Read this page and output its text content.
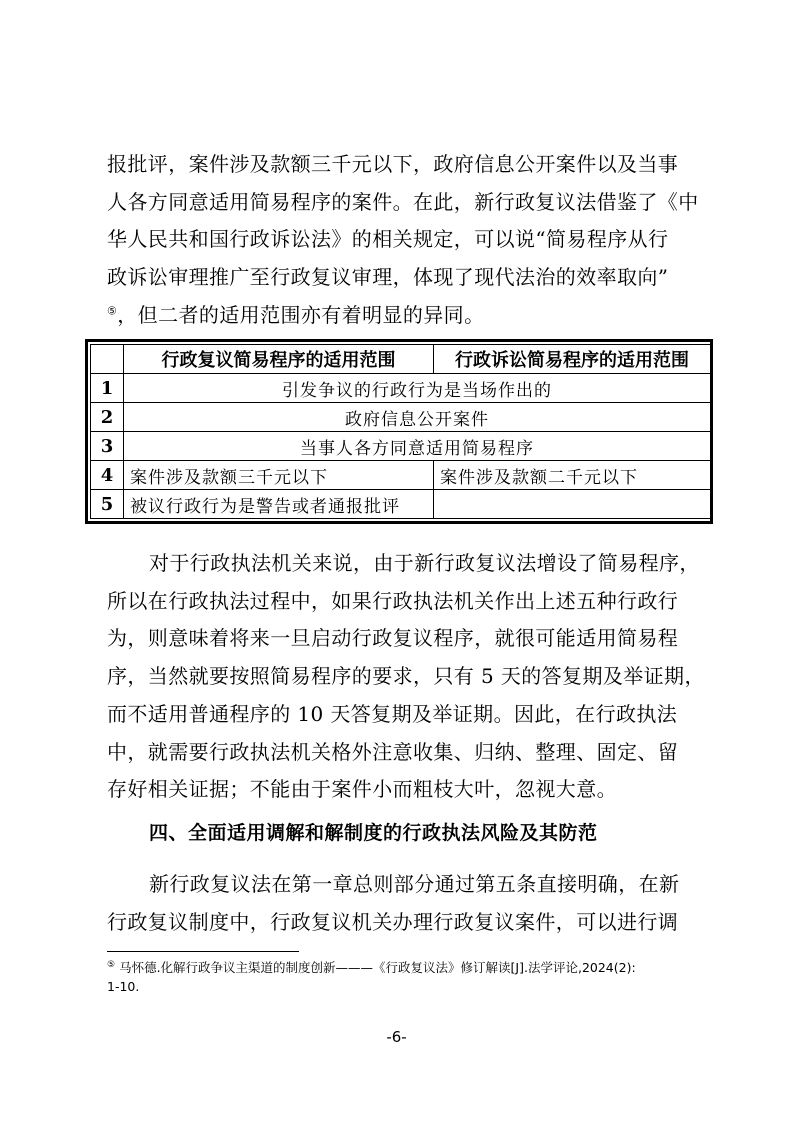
报批评，案件涉及款额三千元以下，政府信息公开案件以及当事
人各方同意适用简易程序的案件。在此，新行政复议法借鉴了《中
华人民共和国行政诉讼法》的相关规定，可以说“简易程序从行
政诉讼审理推广至行政复议审理，体现了现代法治的效率取向”
⑤，但二者的适用范围亦有着明显的异同。
	行政复议简易程序的适用范围	行政诉讼简易程序的适用范围
1	引发争议的行政行为是当场作出的	
2	政府信息公开案件	
3	当事人各方同意适用简易程序	
4	案件涉及款额三千元以下	案件涉及款额二千元以下
5	被议行政行为是警告或者通报批评	
对于行政执法机关来说，由于新行政复议法增设了简易程序，
所以在行政执法过程中，如果行政执法机关作出上述五种行政行
为，则意味着将来一旦启动行政复议程序，就很可能适用简易程
序，当然就要按照简易程序的要求，只有 5 天的答复期及举证期，
而不适用普通程序的 10 天答复期及举证期。因此，在行政执法
中，就需要行政执法机关格外注意收集、归纳、整理、固定、留
存好相关证据；不能由于案件小而粗枝大叶，忽视大意。
四、全面适用调解和解制度的行政执法风险及其防范
新行政复议法在第一章总则部分通过第五条直接明确，在新
行政复议制度中，行政复议机关办理行政复议案件，可以进行调
⑤ 马怀德.化解行政争议主渠道的制度创新———《行政复议法》修订解读[J].法学评论,2024(2):
1-10.
-6-
